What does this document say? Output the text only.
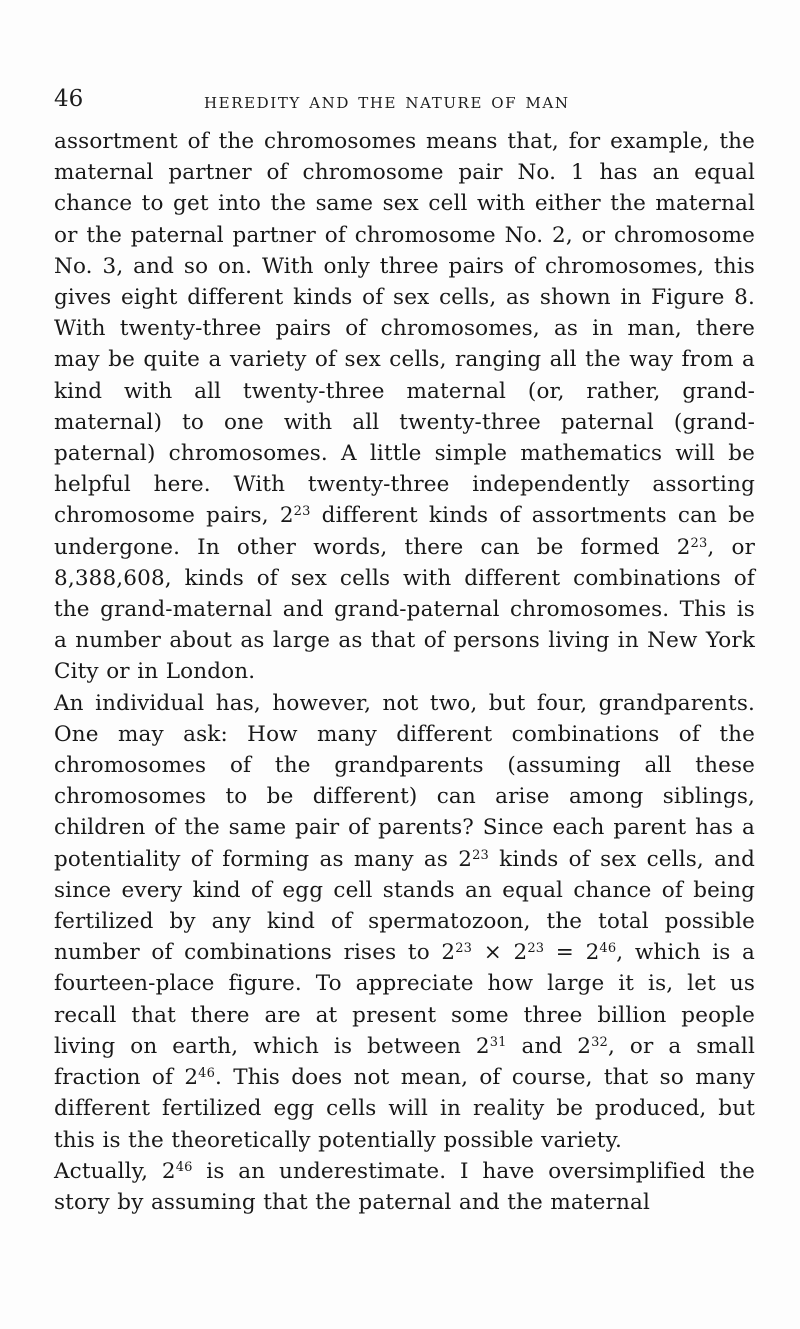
46	heredity and the nature of man

assortment of the chromosomes means that, for example, the maternal partner of chromosome pair No. 1 has an equal chance to get into the same sex cell with either the maternal or the paternal partner of chromosome No. 2, or chromosome No. 3, and so on. With only three pairs of chromosomes, this gives eight different kinds of sex cells, as shown in Figure 8. With twenty-three pairs of chromosomes, as in man, there may be quite a variety of sex cells, ranging all the way from a kind with all twenty-three maternal (or, rather, grand-maternal) to one with all twenty-three paternal (grand-paternal) chromosomes. A little simple mathematics will be helpful here. With twenty-three independently assorting chromosome pairs, $2^{23}$ different kinds of assortments can be undergone. In other words, there can be formed $2^{23}$, or 8,388,608, kinds of sex cells with different combinations of the grand-maternal and grand-paternal chromosomes. This is a number about as large as that of persons living in New York City or in London.

An individual has, however, not two, but four, grandparents. One may ask: How many different combinations of the chromosomes of the grandparents (assuming all these chromosomes to be different) can arise among siblings, children of the same pair of parents? Since each parent has a potentiality of forming as many as $2^{23}$ kinds of sex cells, and since every kind of egg cell stands an equal chance of being fertilized by any kind of spermatozoon, the total possible number of combinations rises to $2^{23} \times 2^{23} = 2^{46}$, which is a fourteen-place figure. To appreciate how large it is, let us recall that there are at present some three billion people living on earth, which is between $2^{31}$ and $2^{32}$, or a small fraction of $2^{46}$. This does not mean, of course, that so many different fertilized egg cells will in reality be produced, but this is the theoretically potentially possible variety.

Actually, $2^{46}$ is an underestimate. I have oversimplified the story by assuming that the paternal and the maternal
